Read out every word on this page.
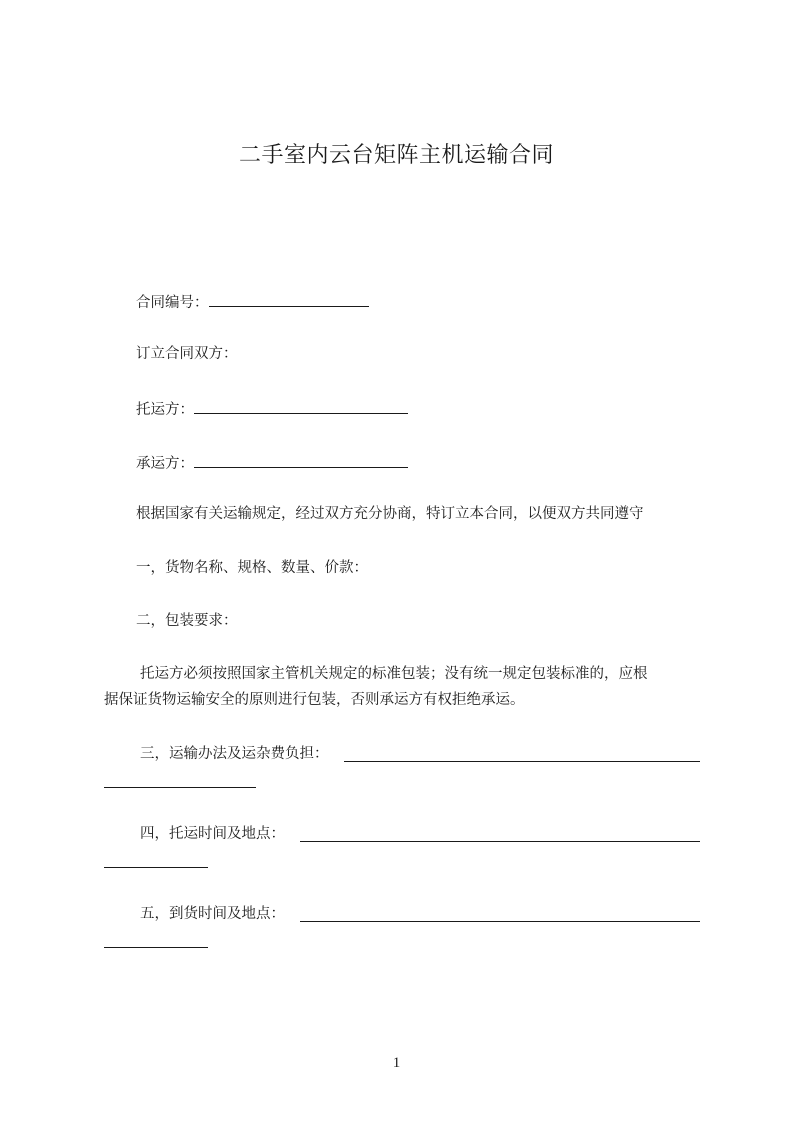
二手室内云台矩阵主机运输合同
合同编号：
订立合同双方：
托运方：
承运方：
根据国家有关运输规定，经过双方充分协商，特订立本合同，以便双方共同遵守
一，货物名称、规格、数量、价款：
二，包装要求：
托运方必须按照国家主管机关规定的标准包装；没有统一规定包装标准的，应根
据保证货物运输安全的原则进行包装，否则承运方有权拒绝承运。
三，运输办法及运杂费负担：
四，托运时间及地点：
五，到货时间及地点：
1
